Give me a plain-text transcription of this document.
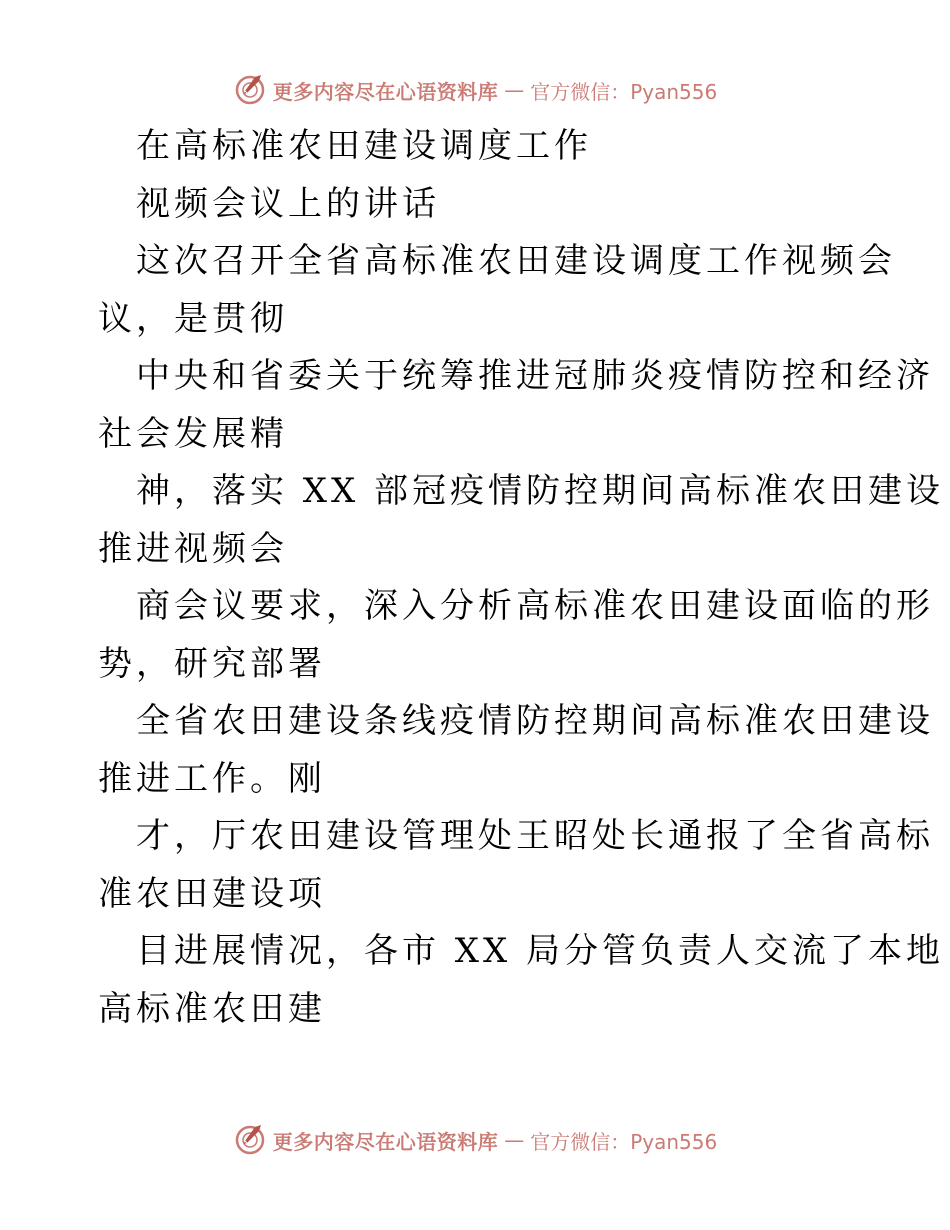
更多内容尽在心语资料库 — 官方微信：Pyan556
在高标准农田建设调度工作
视频会议上的讲话
这次召开全省高标准农田建设调度工作视频会
议，是贯彻
中央和省委关于统筹推进冠肺炎疫情防控和经济
社会发展精
神，落实 XX 部冠疫情防控期间高标准农田建设
推进视频会
商会议要求，深入分析高标准农田建设面临的形
势，研究部署
全省农田建设条线疫情防控期间高标准农田建设
推进工作。刚
才，厅农田建设管理处王昭处长通报了全省高标
准农田建设项
目进展情况，各市 XX 局分管负责人交流了本地
高标准农田建
更多内容尽在心语资料库 — 官方微信：Pyan556
